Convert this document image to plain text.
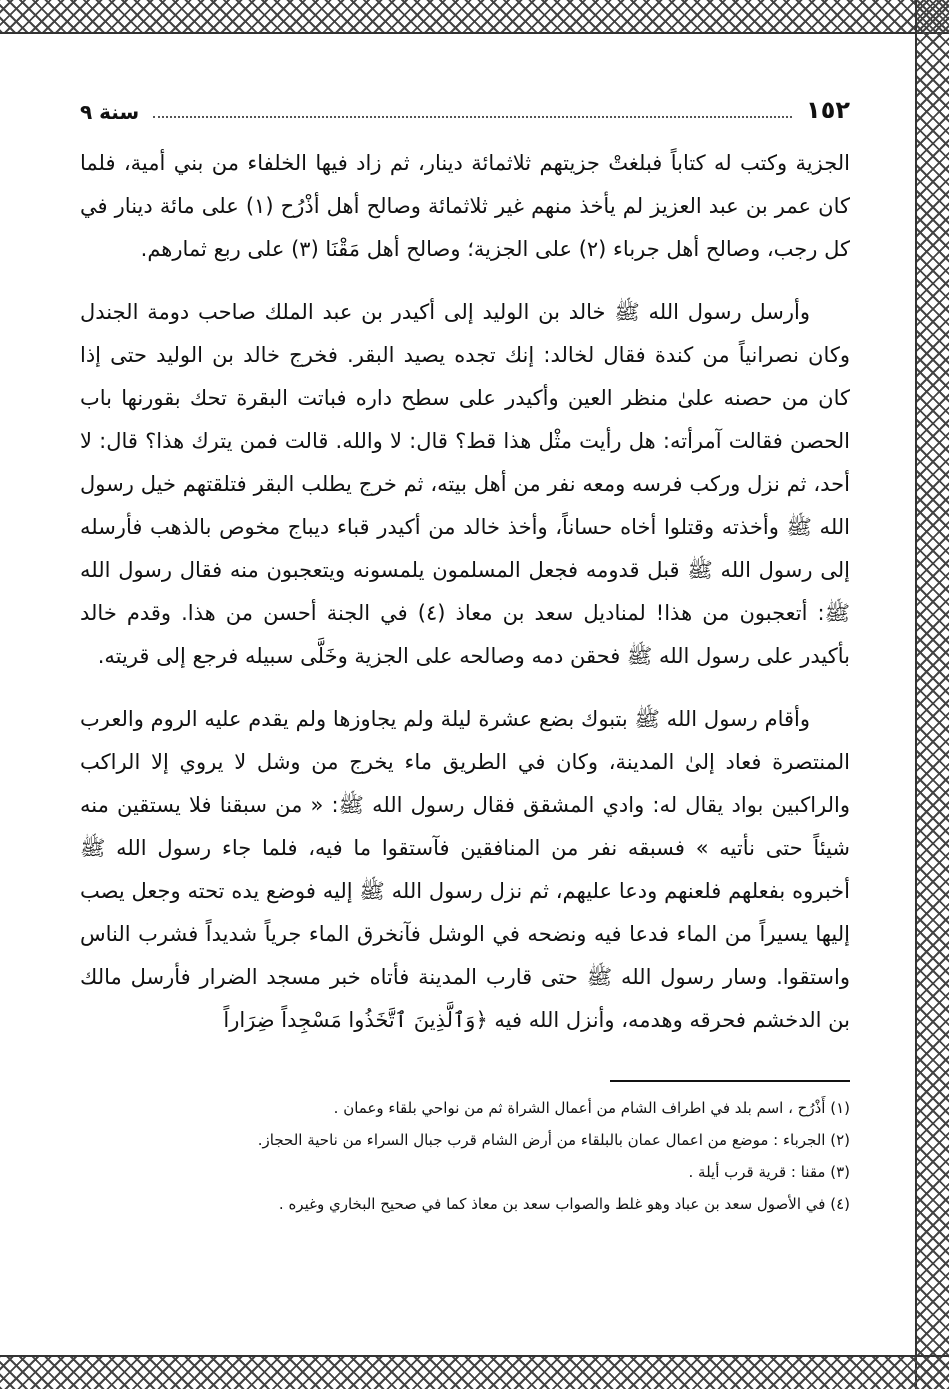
١٥٢
سنة ٩

الجزية وكتب له كتاباً فبلغتْ جزيتهم ثلاثمائة دينار، ثم زاد فيها الخلفاء من بني أمية، فلما كان عمر بن عبد العزيز لم يأخذ منهم غير ثلاثمائة وصالح أهل أذْرُح (١) على مائة دينار في كل رجب، وصالح أهل جرباء (٢) على الجزية؛ وصالح أهل مَقْنَا (٣) على ربع ثمارهم.

وأرسل رسول الله ﷺ خالد بن الوليد إلى أكيدر بن عبد الملك صاحب دومة الجندل وكان نصرانياً من كندة فقال لخالد: إنك تجده يصيد البقر. فخرج خالد بن الوليد حتى إذا كان من حصنه علىٰ منظر العين وأكيدر على سطح داره فباتت البقرة تحك بقورنها باب الحصن فقالت آمرأته: هل رأيت مثْل هذا قط؟ قال: لا والله. قالت فمن يترك هذا؟ قال: لا أحد، ثم نزل وركب فرسه ومعه نفر من أهل بيته، ثم خرج يطلب البقر فتلقتهم خيل رسول الله ﷺ وأخذته وقتلوا أخاه حساناً، وأخذ خالد من أكيدر قباء ديباج مخوص بالذهب فأرسله إلى رسول الله ﷺ قبل قدومه فجعل المسلمون يلمسونه ويتعجبون منه فقال رسول الله ﷺ: أتعجبون من هذا! لمناديل سعد بن معاذ (٤) في الجنة أحسن من هذا. وقدم خالد بأكيدر على رسول الله ﷺ فحقن دمه وصالحه على الجزية وخَلَّى سبيله فرجع إلى قريته.

وأقام رسول الله ﷺ بتبوك بضع عشرة ليلة ولم يجاوزها ولم يقدم عليه الروم والعرب المنتصرة فعاد إلىٰ المدينة، وكان في الطريق ماء يخرج من وشل لا يروي إلا الراكب والراكبين بواد يقال له: وادي المشقق فقال رسول الله ﷺ: « من سبقنا فلا يستقين منه شيئاً حتى نأتيه » فسبقه نفر من المنافقين فآستقوا ما فيه، فلما جاء رسول الله ﷺ أخبروه بفعلهم فلعنهم ودعا عليهم، ثم نزل رسول الله ﷺ إليه فوضع يده تحته وجعل يصب إليها يسيراً من الماء فدعا فيه ونضحه في الوشل فآنخرق الماء جرياً شديداً فشرب الناس واستقوا. وسار رسول الله ﷺ حتى قارب المدينة فأتاه خبر مسجد الضرار فأرسل مالك بن الدخشم فحرقه وهدمه، وأنزل الله فيه ﴿وَٱلَّذِينَ ٱتَّخَذُوا مَسْجِداً ضِرَاراً

(١) أَذْرُح ، اسم بلد في اطراف الشام من أعمال الشراة ثم من نواحي بلقاء وعمان .

(٢) الجرباء : موضع من اعمال عمان بالبلقاء من أرض الشام قرب جبال السراء من ناحية الحجاز.

(٣) مقنا : قرية قرب أيلة .

(٤) في الأصول سعد بن عباد وهو غلط والصواب سعد بن معاذ كما في صحيح البخاري وغيره .
